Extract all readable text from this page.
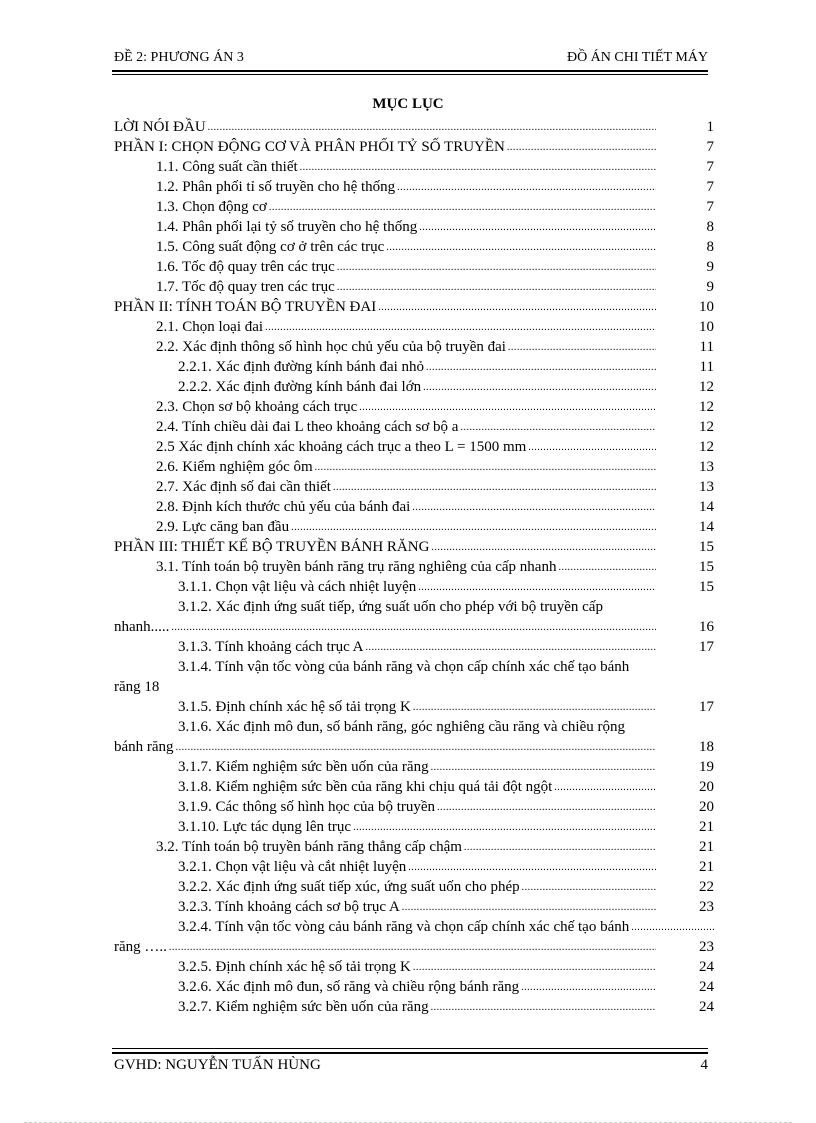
ĐỀ 2: PHƯƠNG ÁN 3	ĐỒ ÁN CHI TIẾT MÁY
MỤC LỤC
LỜI NÓI ĐẦU .....	1
PHẦN I: CHỌN ĐỘNG CƠ VÀ PHÂN PHỐI TỶ SỐ TRUYỀN .....	7
1.1. Công suất cần thiết .....	7
1.2. Phân phối tỉ số truyền cho hệ thống .....	7
1.3. Chọn động cơ .....	7
1.4. Phân phối lại tỷ số truyền cho hệ thống .....	8
1.5. Công suất động cơ ở trên các trục .....	8
1.6. Tốc độ quay trên các trục .....	9
1.7. Tốc độ quay tren các trục .....	9
PHẦN II: TÍNH TOÁN BỘ TRUYỀN ĐAI .....	10
2.1. Chọn loại đai .....	10
2.2. Xác định thông số hình học chủ yếu của bộ truyền đai .....	11
2.2.1. Xác định đường kính bánh đai nhỏ .....	11
2.2.2. Xác định đường kính bánh đai lớn .....	12
2.3. Chọn sơ bộ khoảng cách trục .....	12
2.4. Tính chiều dài đai L theo khoảng cách sơ bộ a .....	12
2.5 Xác định chính xác khoảng cách trục a theo L = 1500 mm .....	12
2.6. Kiểm nghiệm góc ôm .....	13
2.7. Xác định số đai cần thiết .....	13
2.8. Định kích thước chủ yếu của bánh đai .....	14
2.9. Lực căng ban đầu .....	14
PHẦN III: THIẾT KẾ BỘ TRUYỀN BÁNH RĂNG .....	15
3.1. Tính toán bộ truyền bánh răng trụ răng nghiêng của cấp nhanh .....	15
3.1.1. Chọn vật liệu và cách nhiệt luyện .....	15
3.1.2. Xác định ứng suất tiếp, ứng suất uốn cho phép với bộ truyền cấp
nhanh..... .....	16
3.1.3. Tính khoảng cách trục A .....	17
3.1.4. Tính vận tốc vòng của bánh răng và chọn cấp chính xác chế tạo bánh
răng 18
3.1.5. Định chính xác hệ số tải trọng K .....	17
3.1.6. Xác định mô đun, số bánh răng, góc nghiêng cầu răng và chiều rộng
bánh răng .....	18
3.1.7. Kiểm nghiệm sức bền uốn của răng .....	19
3.1.8. Kiểm nghiệm sức bền của răng khi chịu quá tải đột ngột .....	20
3.1.9. Các thông số hình học của bộ truyền .....	20
3.1.10. Lực tác dụng lên trục .....	21
3.2. Tính toán bộ truyền bánh răng thẳng cấp chậm .....	21
3.2.1. Chọn vật liệu và cắt nhiệt luyện .....	21
3.2.2. Xác định ứng suất tiếp xúc, ứng suất uốn cho phép .....	22
3.2.3. Tính khoảng cách sơ bộ trục A .....	23
3.2.4. Tính vận tốc vòng cảu bánh răng và chọn cấp chính xác chế tạo bánh
.....
răng ….. .....	23
3.2.5. Định chính xác hệ số tải trọng K .....	24
3.2.6. Xác định mô đun, số răng và chiều rộng bánh răng .....	24
3.2.7. Kiểm nghiệm sức bền uốn của răng .....	24
GVHD: NGUYỄN TUẤN HÙNG	4
